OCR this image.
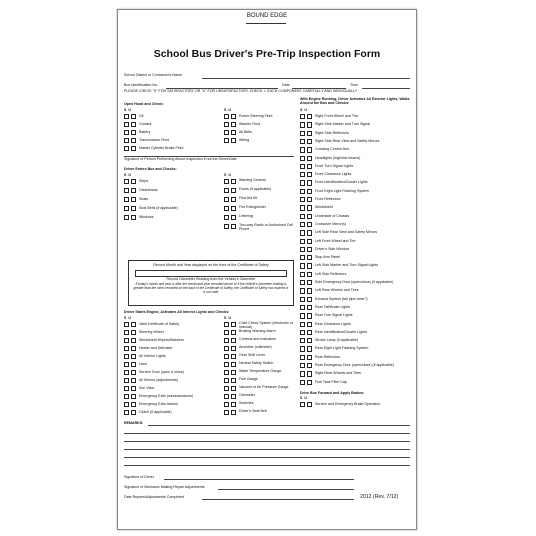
BOUND EDGE
School Bus Driver's Pre-Trip Inspection Form
School District or Contractor's Name
Bus Identification No.	Date	Time
PLEASE CHECK "S" FOR SATISFACTORY OR "U" FOR UNSATISFACTORY. CHECK ✓ EACH COMPONENT CAREFULLY AND INDIVIDUALLY
Open Hood and Check:
S U	S U
Oil
Coolant
Battery
Transmission Fluid
Master Cylinder Brake Fluid
Power Steering Fluid
Washer Fluid
All Belts
Wiring
Signature of Person Performing Above Inspection if not the Driver/Date
Driver Enters Bus and Checks:
S U	S U
Steps
Cleanliness
Seats
Seat Belts (if applicable)
Windows
Warning Devices
Fuses (if applicable)
First Aid Kit
Fire Extinguisher
Lettering
Two-way Radio or Authorized Cell Phone
Record Month and Year displayed on the front of the Certificate of Safety
Record Odometer Reading from the Vehicle's Odometer
If today's month and year is after the month and year recorded above or if the vehicle's odometer reading is greater than the miles recorded on the back of the Certificate of Safety, the Certificate of Safety has expired or is not valid.
Driver Starts Engine, Activates All Interior Lights and Checks:
S U	S U
Valid Certificate of Safety
Steering Wheel
Windshield Wipers/Washers
Heater and Defroster
All Interior Lights
Horn
Service Door (open & close)
All Mirrors (adjustments)
Sun Visor
Emergency Exits (windows/doors)
Emergency Exits Alarms
Clutch (if applicable)
Child Check System (electronic or manual)
Braking Warning Alarm
Controls and Indicators
Ammeter (voltmeter)
Gear Shift Lever
Neutral Safety Switch
Water Temperature Gauge
Fuel Gauge
Vacuum or Air Pressure Gauge
Odometer
Switches
Driver's Seat Belt
With Engine Running, Driver Activates All Exterior Lights, Walks Around the Bus and Checks:
S U
Right Front Wheel and Tire
Right Side Marker and Turn Signal
Right Side Reflectors
Right Side Rear View and Safety Mirrors
Crossing Control Arm
Headlights (high/low beams)
Front Turn Signal Lights
Front Clearance Lights
Front Identification/Cluster Lights
Front Eight Light Flashing System
Front Reflectors
Windshield
Underside of Chassis
Crossover Mirror(s)
Left Side Rear View and Safety Mirrors
Left Front Wheel and Tire
Driver's Side Window
Stop Arm Panel
Left Side Marker and Turn Signal Lights
Left Side Reflectors
Side Emergency Door (open/close) (if applicable)
Left Rear Wheels and Tires
Exhaust System (tail pipe clear?)
Rear Tail/Brake Lights
Rear Turn Signal Lights
Rear Clearance Lights
Rear Identification/Cluster Lights
Strobe Lamp (if applicable)
Rear Eight Light Flashing System
Rear Reflectors
Rear Emergency Door (open/close) (if applicable)
Right Rear Wheels and Tires
Fuel Tank Filler Cap
Drive Bus Forward and Apply Brakes:
S U
Service and Emergency Brake Operation
REMARKS:
Signature of Driver
Signature of Mechanic Making Repair Adjustments
Date Repairs/Adjustments Completed	2012 (Rev. 7/12)
